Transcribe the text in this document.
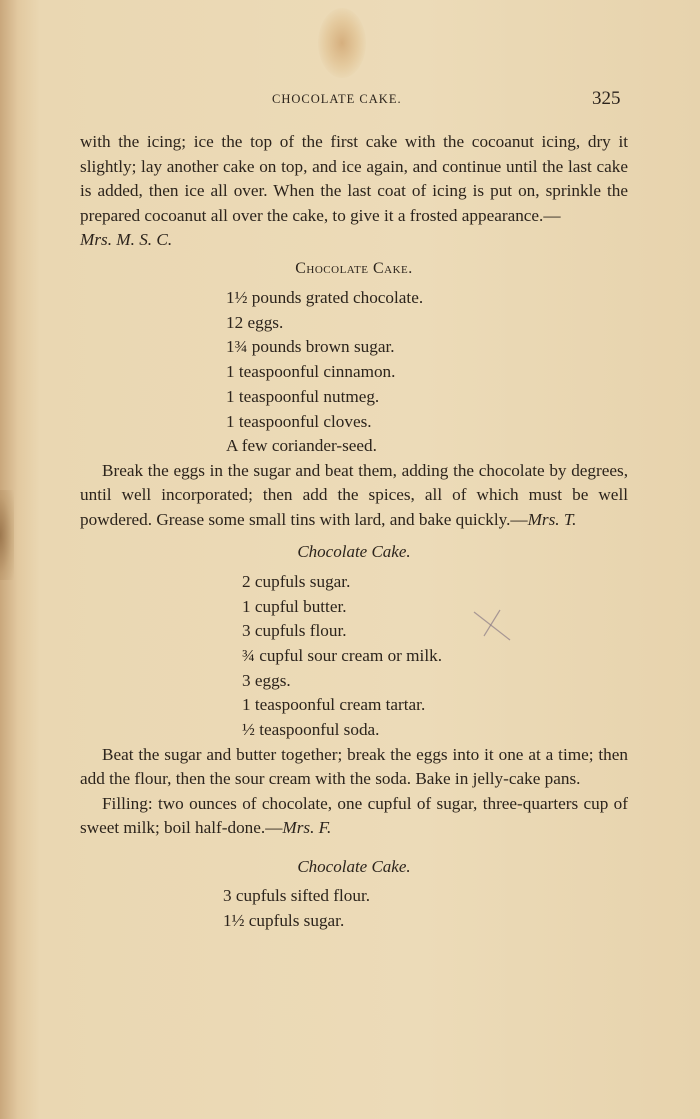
CHOCOLATE CAKE.	325

with the icing; ice the top of the first cake with the cocoanut icing, dry it slightly; lay another cake on top, and ice again, and continue until the last cake is added, then ice all over. When the last coat of icing is put on, sprinkle the prepared cocoanut all over the cake, to give it a frosted appearance.—
Mrs. M. S. C.

Chocolate Cake.
1½ pounds grated chocolate.
12 eggs.
1¾ pounds brown sugar.
1 teaspoonful cinnamon.
1 teaspoonful nutmeg.
1 teaspoonful cloves.
A few coriander-seed.

Break the eggs in the sugar and beat them, adding the chocolate by degrees, until well incorporated; then add the spices, all of which must be well powdered. Grease some small tins with lard, and bake quickly.—Mrs. T.

Chocolate Cake.
2 cupfuls sugar.
1 cupful butter.
3 cupfuls flour.
¾ cupful sour cream or milk.
3 eggs.
1 teaspoonful cream tartar.
½ teaspoonful soda.

Beat the sugar and butter together; break the eggs into it one at a time; then add the flour, then the sour cream with the soda. Bake in jelly-cake pans.

Filling: two ounces of chocolate, one cupful of sugar, three-quarters cup of sweet milk; boil half-done.—Mrs. F.

Chocolate Cake.
3 cupfuls sifted flour.
1½ cupfuls sugar.
